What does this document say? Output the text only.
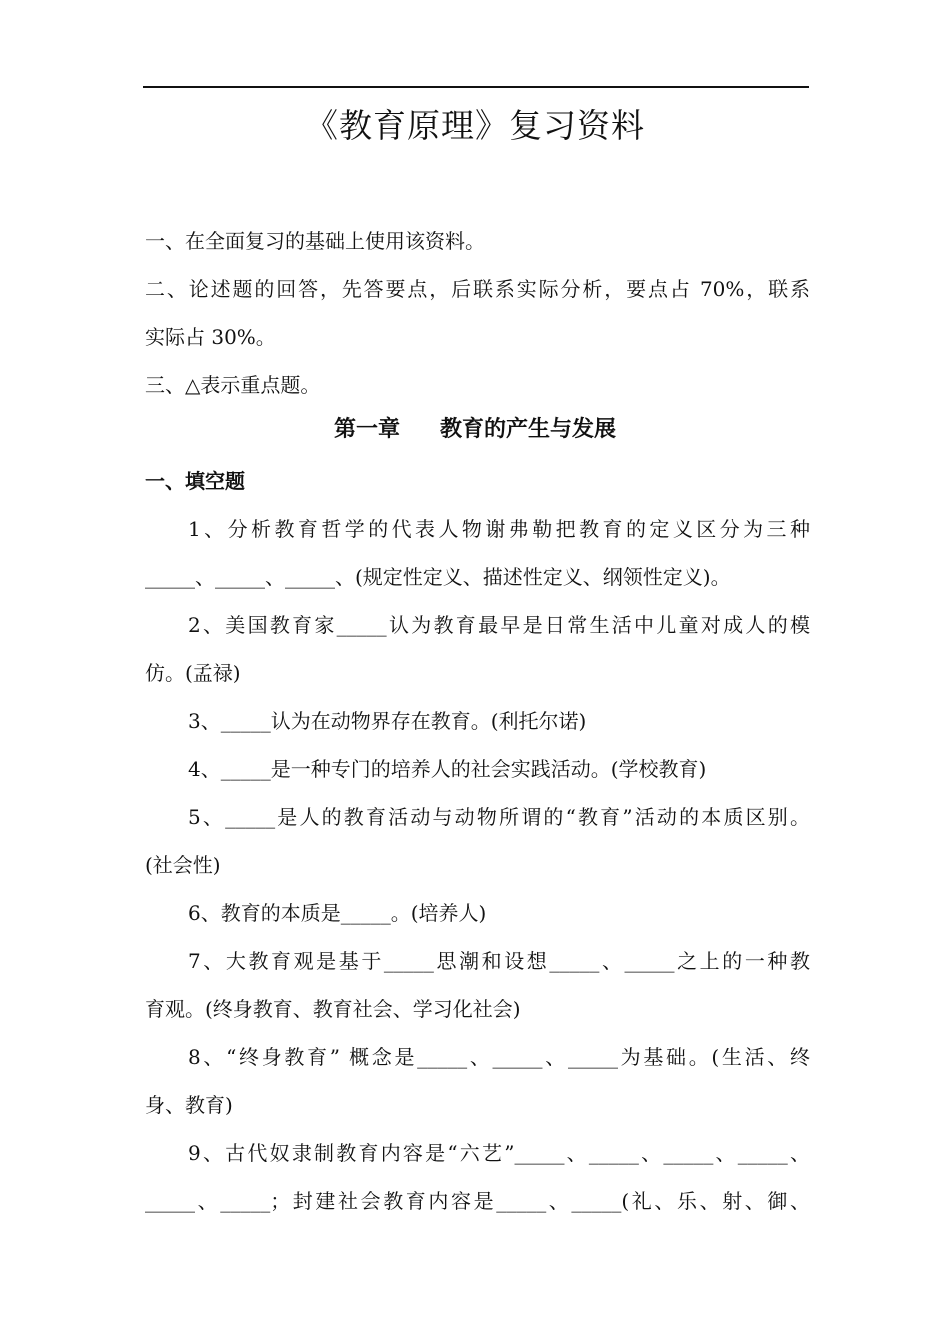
《教育原理》复习资料
一、在全面复习的基础上使用该资料。
二、论述题的回答，先答要点，后联系实际分析，要点占 70%，联系
实际占 30%。
三、△表示重点题。
第一章 教育的产生与发展
一、填空题
1、分析教育哲学的代表人物谢弗勒把教育的定义区分为三种
_____、_____、_____、(规定性定义、描述性定义、纲领性定义)。
2、美国教育家_____认为教育最早是日常生活中儿童对成人的模
仿。(孟禄)
3、_____认为在动物界存在教育。(利托尔诺)
4、_____是一种专门的培养人的社会实践活动。(学校教育)
5、_____是人的教育活动与动物所谓的“教育”活动的本质区别。
(社会性)
6、教育的本质是_____。(培养人)
7、大教育观是基于_____思潮和设想_____、_____之上的一种教
育观。(终身教育、教育社会、学习化社会)
8、“终身教育” 概念是_____、_____、_____为基础。(生活、终
身、教育)
9、古代奴隶制教育内容是“六艺”_____、_____、_____、_____、
_____、_____；封建社会教育内容是_____、_____(礼、乐、射、御、
